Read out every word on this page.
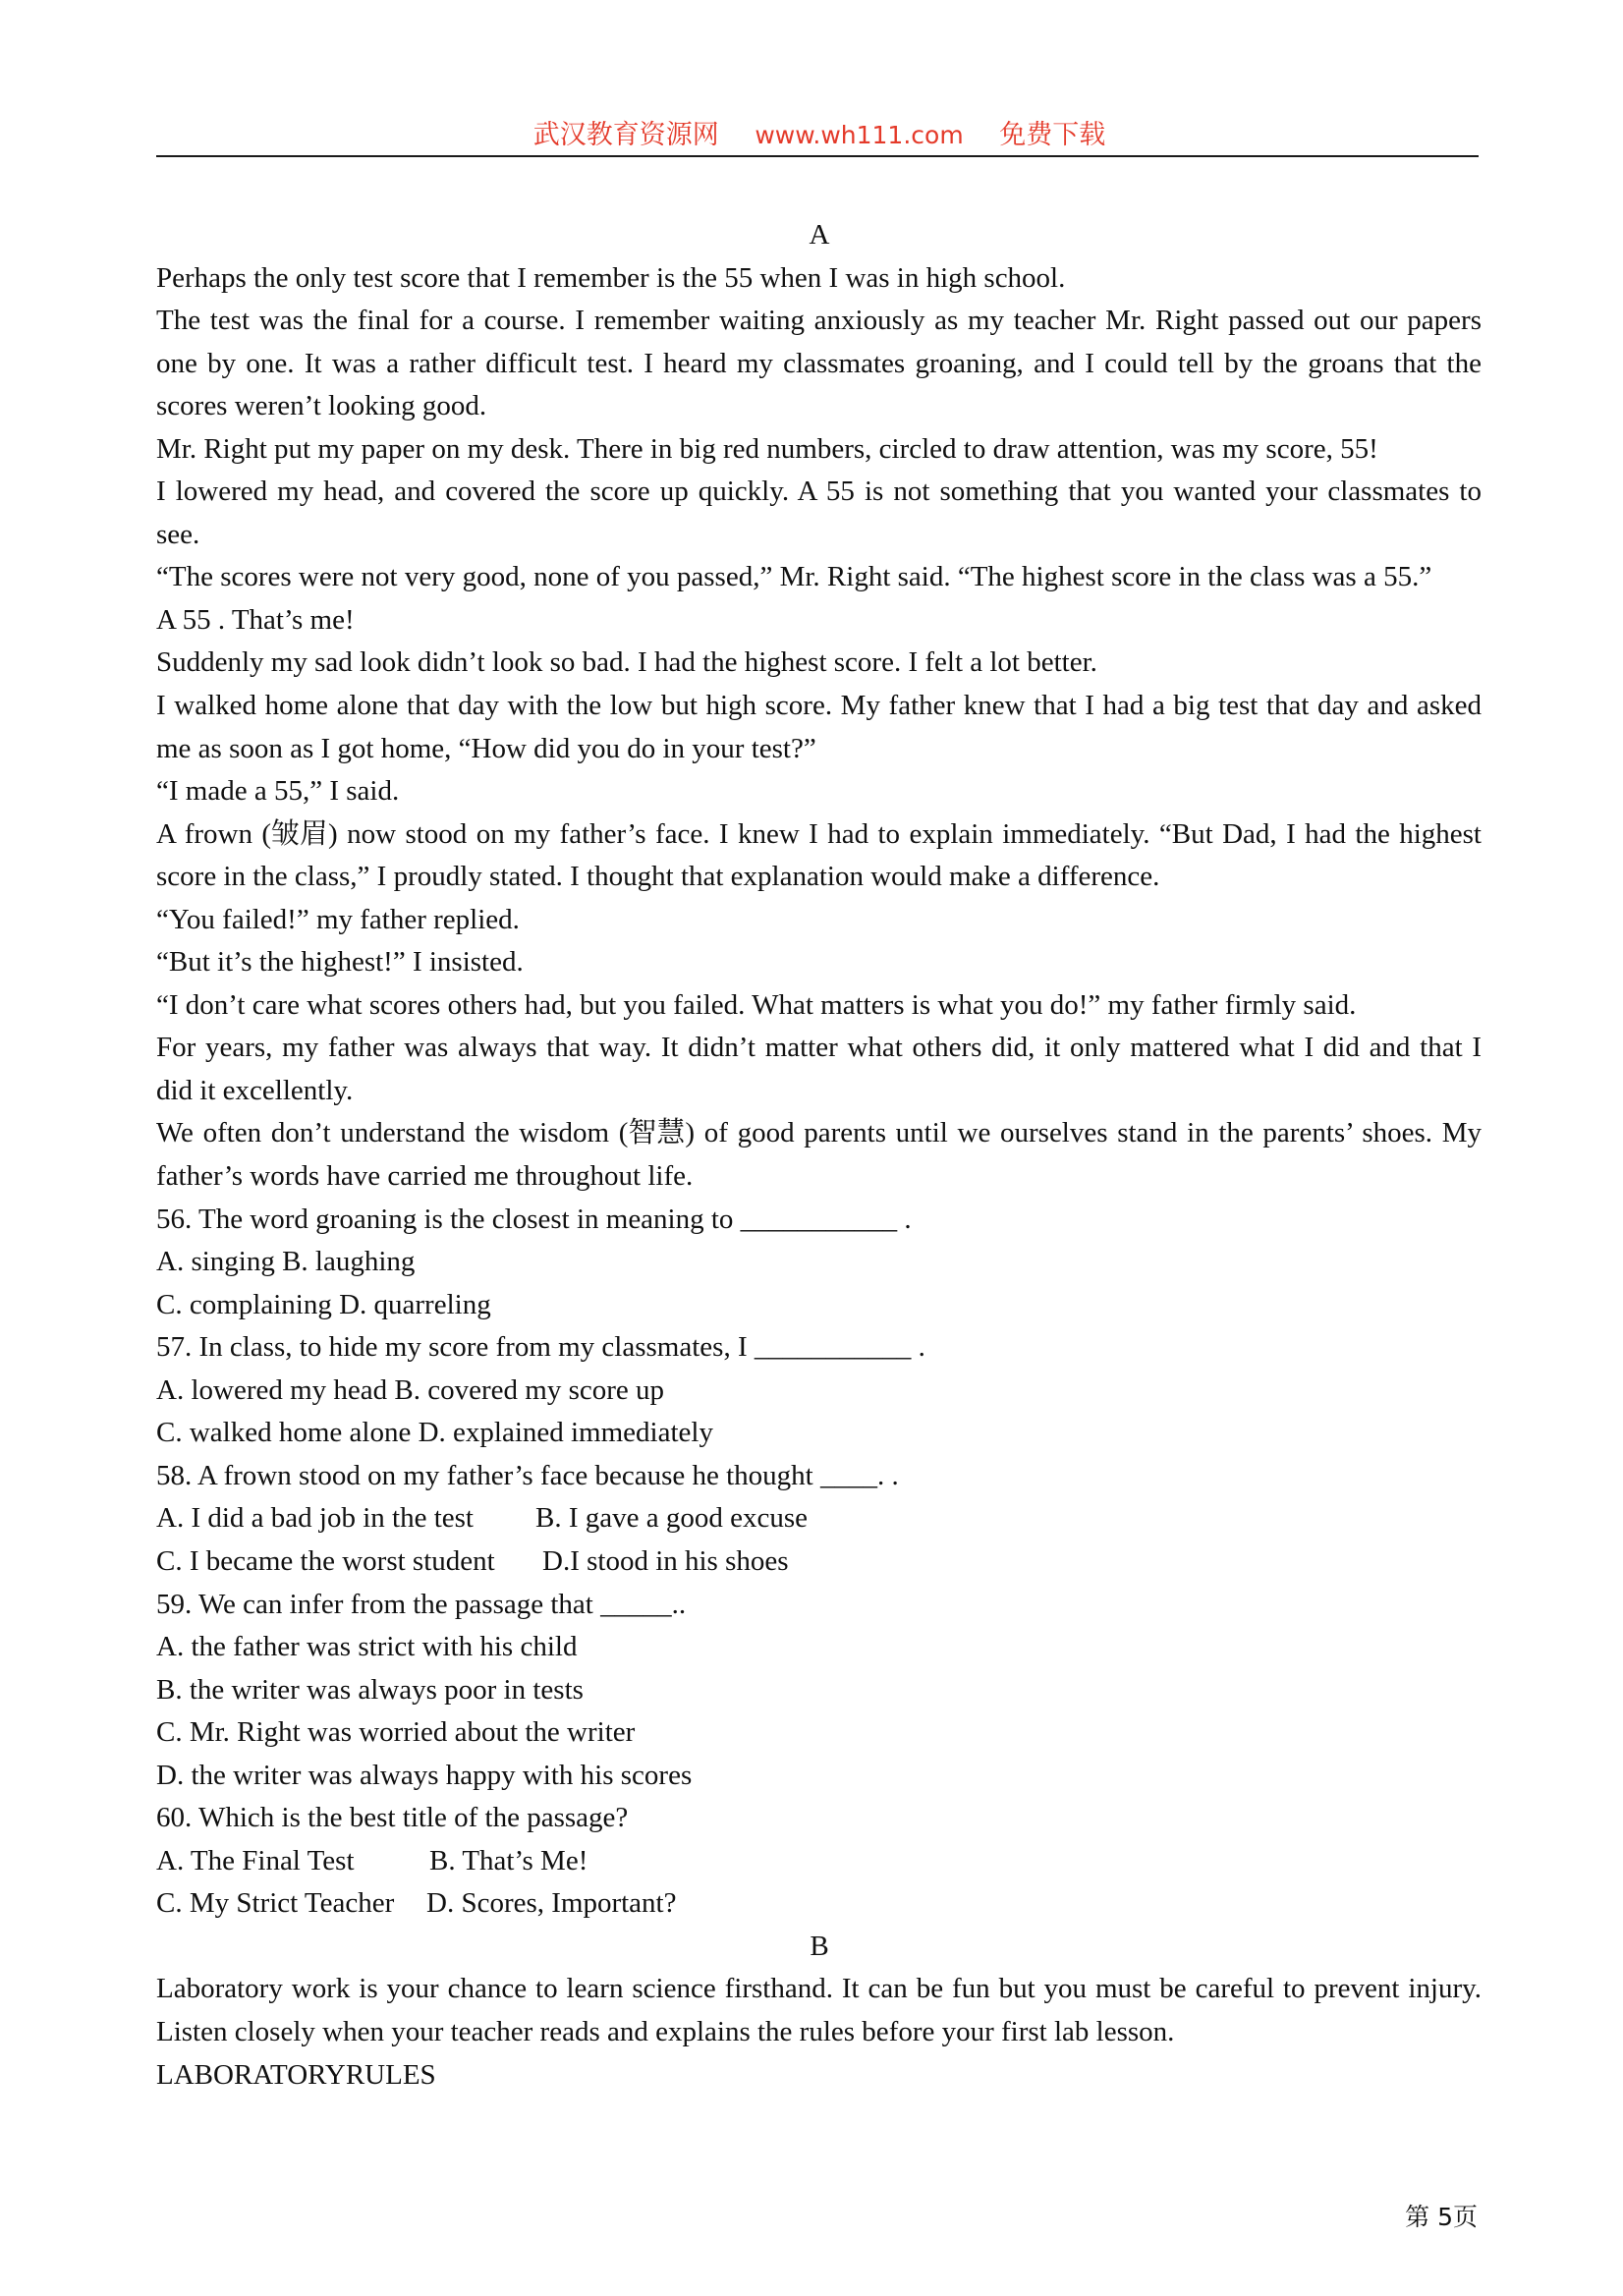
武汉教育资源网 www.wh111.com 免费下载
A
Perhaps the only test score that I remember is the 55 when I was in high school.
The test was the final for a course. I remember waiting anxiously as my teacher Mr. Right passed out our papers
one by one. It was a rather difficult test. I heard my classmates groaning, and I could tell by the groans that the
scores weren’t looking good.
Mr. Right put my paper on my desk. There in big red numbers, circled to draw attention, was my score, 55!
I lowered my head, and covered the score up quickly. A 55 is not something that you wanted your classmates to
see.
“The scores were not very good, none of you passed,” Mr. Right said. “The highest score in the class was a 55.”
A 55 . That’s me!
Suddenly my sad look didn’t look so bad. I had the highest score. I felt a lot better.
I walked home alone that day with the low but high score. My father knew that I had a big test that day and asked
me as soon as I got home, “How did you do in your test?”
“I made a 55,” I said.
A frown (皱眉) now stood on my father’s face. I knew I had to explain immediately. “But Dad, I had the highest
score in the class,” I proudly stated. I thought that explanation would make a difference.
“You failed!” my father replied.
“But it’s the highest!” I insisted.
“I don’t care what scores others had, but you failed. What matters is what you do!” my father firmly said.
For years, my father was always that way. It didn’t matter what others did, it only mattered what I did and that I
did it excellently.
We often don’t understand the wisdom (智慧) of good parents until we ourselves stand in the parents’ shoes. My
father’s words have carried me throughout life.
56. The word groaning is the closest in meaning to ___________ .
A. singing B. laughing
C. complaining D. quarreling
57. In class, to hide my score from my classmates, I ___________ .
A. lowered my head B. covered my score up
C. walked home alone D. explained immediately
58. A frown stood on my father’s face because he thought ____. .
A. I did a bad job in the test B. I gave a good excuse
C. I became the worst student D.I stood in his shoes
59. We can infer from the passage that _____..
A. the father was strict with his child
B. the writer was always poor in tests
C. Mr. Right was worried about the writer
D. the writer was always happy with his scores
60. Which is the best title of the passage?
A. The Final Test	B. That’s Me!
C. My Strict Teacher D. Scores, Important?
B
Laboratory work is your chance to learn science firsthand. It can be fun but you must be careful to prevent injury.
Listen closely when your teacher reads and explains the rules before your first lab lesson.
LABORATORYRULES
第 5页
